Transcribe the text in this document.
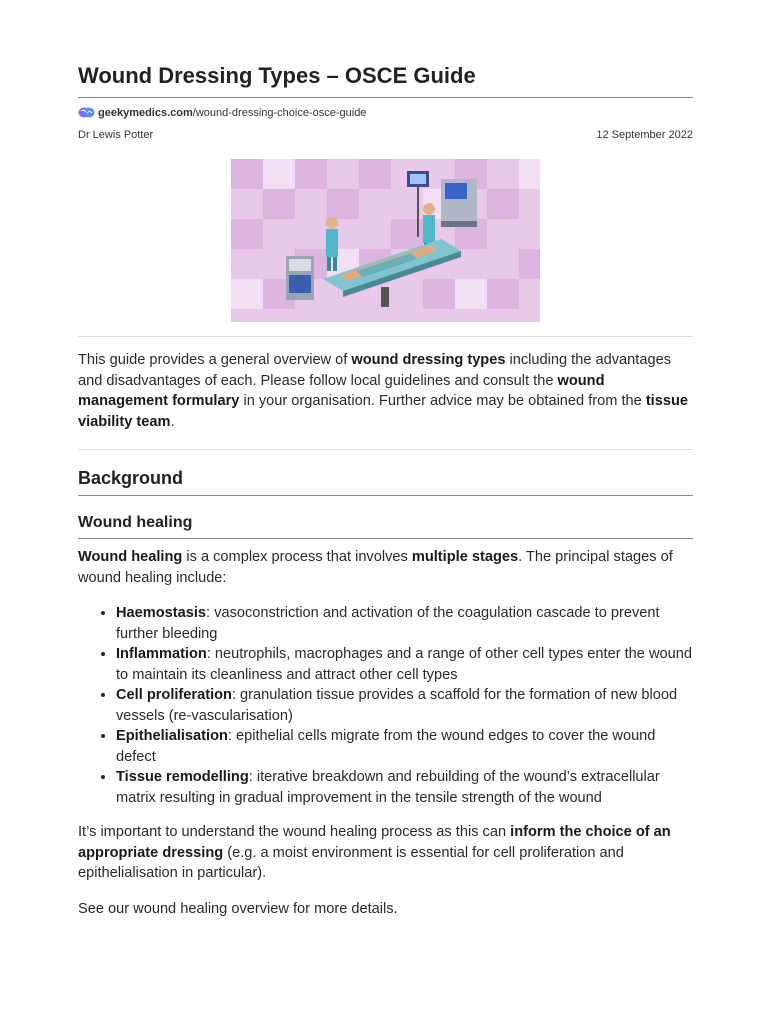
Wound Dressing Types – OSCE Guide
geekymedics.com /wound-dressing-choice-osce-guide
Dr Lewis Potter	12 September 2022

This guide provides a general overview of wound dressing types including the advantages and disadvantages of each. Please follow local guidelines and consult the wound management formulary in your organisation. Further advice may be obtained from the tissue viability team.

Background
Wound healing

Wound healing is a complex process that involves multiple stages. The principal stages of wound healing include:

• Haemostasis: vasoconstriction and activation of the coagulation cascade to prevent further bleeding
• Inflammation: neutrophils, macrophages and a range of other cell types enter the wound to maintain its cleanliness and attract other cell types
• Cell proliferation: granulation tissue provides a scaffold for the formation of new blood vessels (re-vascularisation)
• Epithelialisation: epithelial cells migrate from the wound edges to cover the wound defect
• Tissue remodelling: iterative breakdown and rebuilding of the wound’s extracellular matrix resulting in gradual improvement in the tensile strength of the wound

It’s important to understand the wound healing process as this can inform the choice of an appropriate dressing (e.g. a moist environment is essential for cell proliferation and epithelialisation in particular).

See our wound healing overview for more details.
